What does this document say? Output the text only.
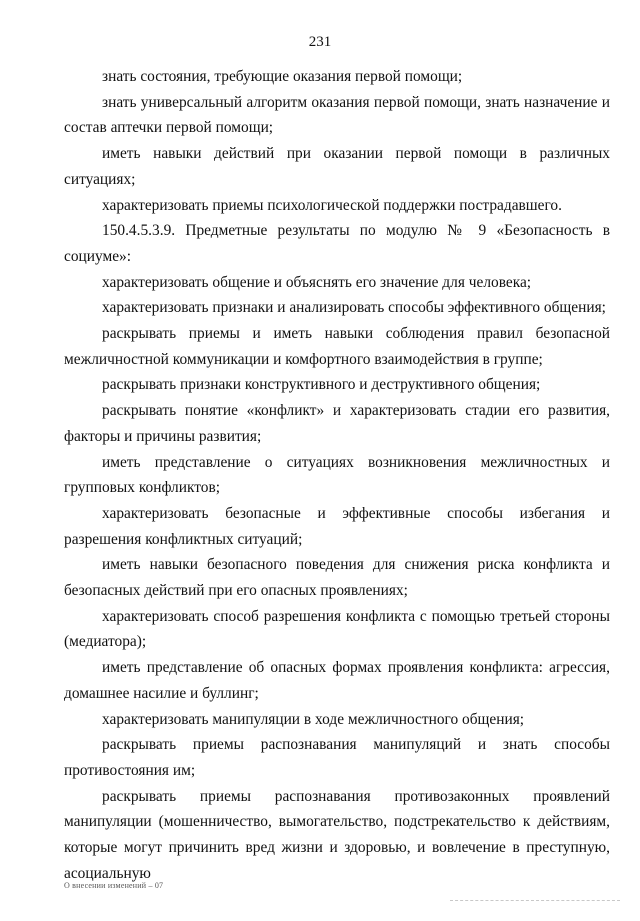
231

знать состояния, требующие оказания первой помощи;

знать универсальный алгоритм оказания первой помощи, знать назначение и состав аптечки первой помощи;

иметь навыки действий при оказании первой помощи в различных ситуациях;

характеризовать приемы психологической поддержки пострадавшего.

150.4.5.3.9. Предметные результаты по модулю № 9 «Безопасность в социуме»:

характеризовать общение и объяснять его значение для человека;

характеризовать признаки и анализировать способы эффективного общения;

раскрывать приемы и иметь навыки соблюдения правил безопасной межличностной коммуникации и комфортного взаимодействия в группе;

раскрывать признаки конструктивного и деструктивного общения;

раскрывать понятие «конфликт» и характеризовать стадии его развития, факторы и причины развития;

иметь представление о ситуациях возникновения межличностных и групповых конфликтов;

характеризовать безопасные и эффективные способы избегания и разрешения конфликтных ситуаций;

иметь навыки безопасного поведения для снижения риска конфликта и безопасных действий при его опасных проявлениях;

характеризовать способ разрешения конфликта с помощью третьей стороны (медиатора);

иметь представление об опасных формах проявления конфликта: агрессия, домашнее насилие и буллинг;

характеризовать манипуляции в ходе межличностного общения;

раскрывать приемы распознавания манипуляций и знать способы противостояния им;

раскрывать приемы распознавания противозаконных проявлений манипуляции (мошенничество, вымогательство, подстрекательство к действиям, которые могут причинить вред жизни и здоровью, и вовлечение в преступную, асоциальную

О внесении изменений – 07
